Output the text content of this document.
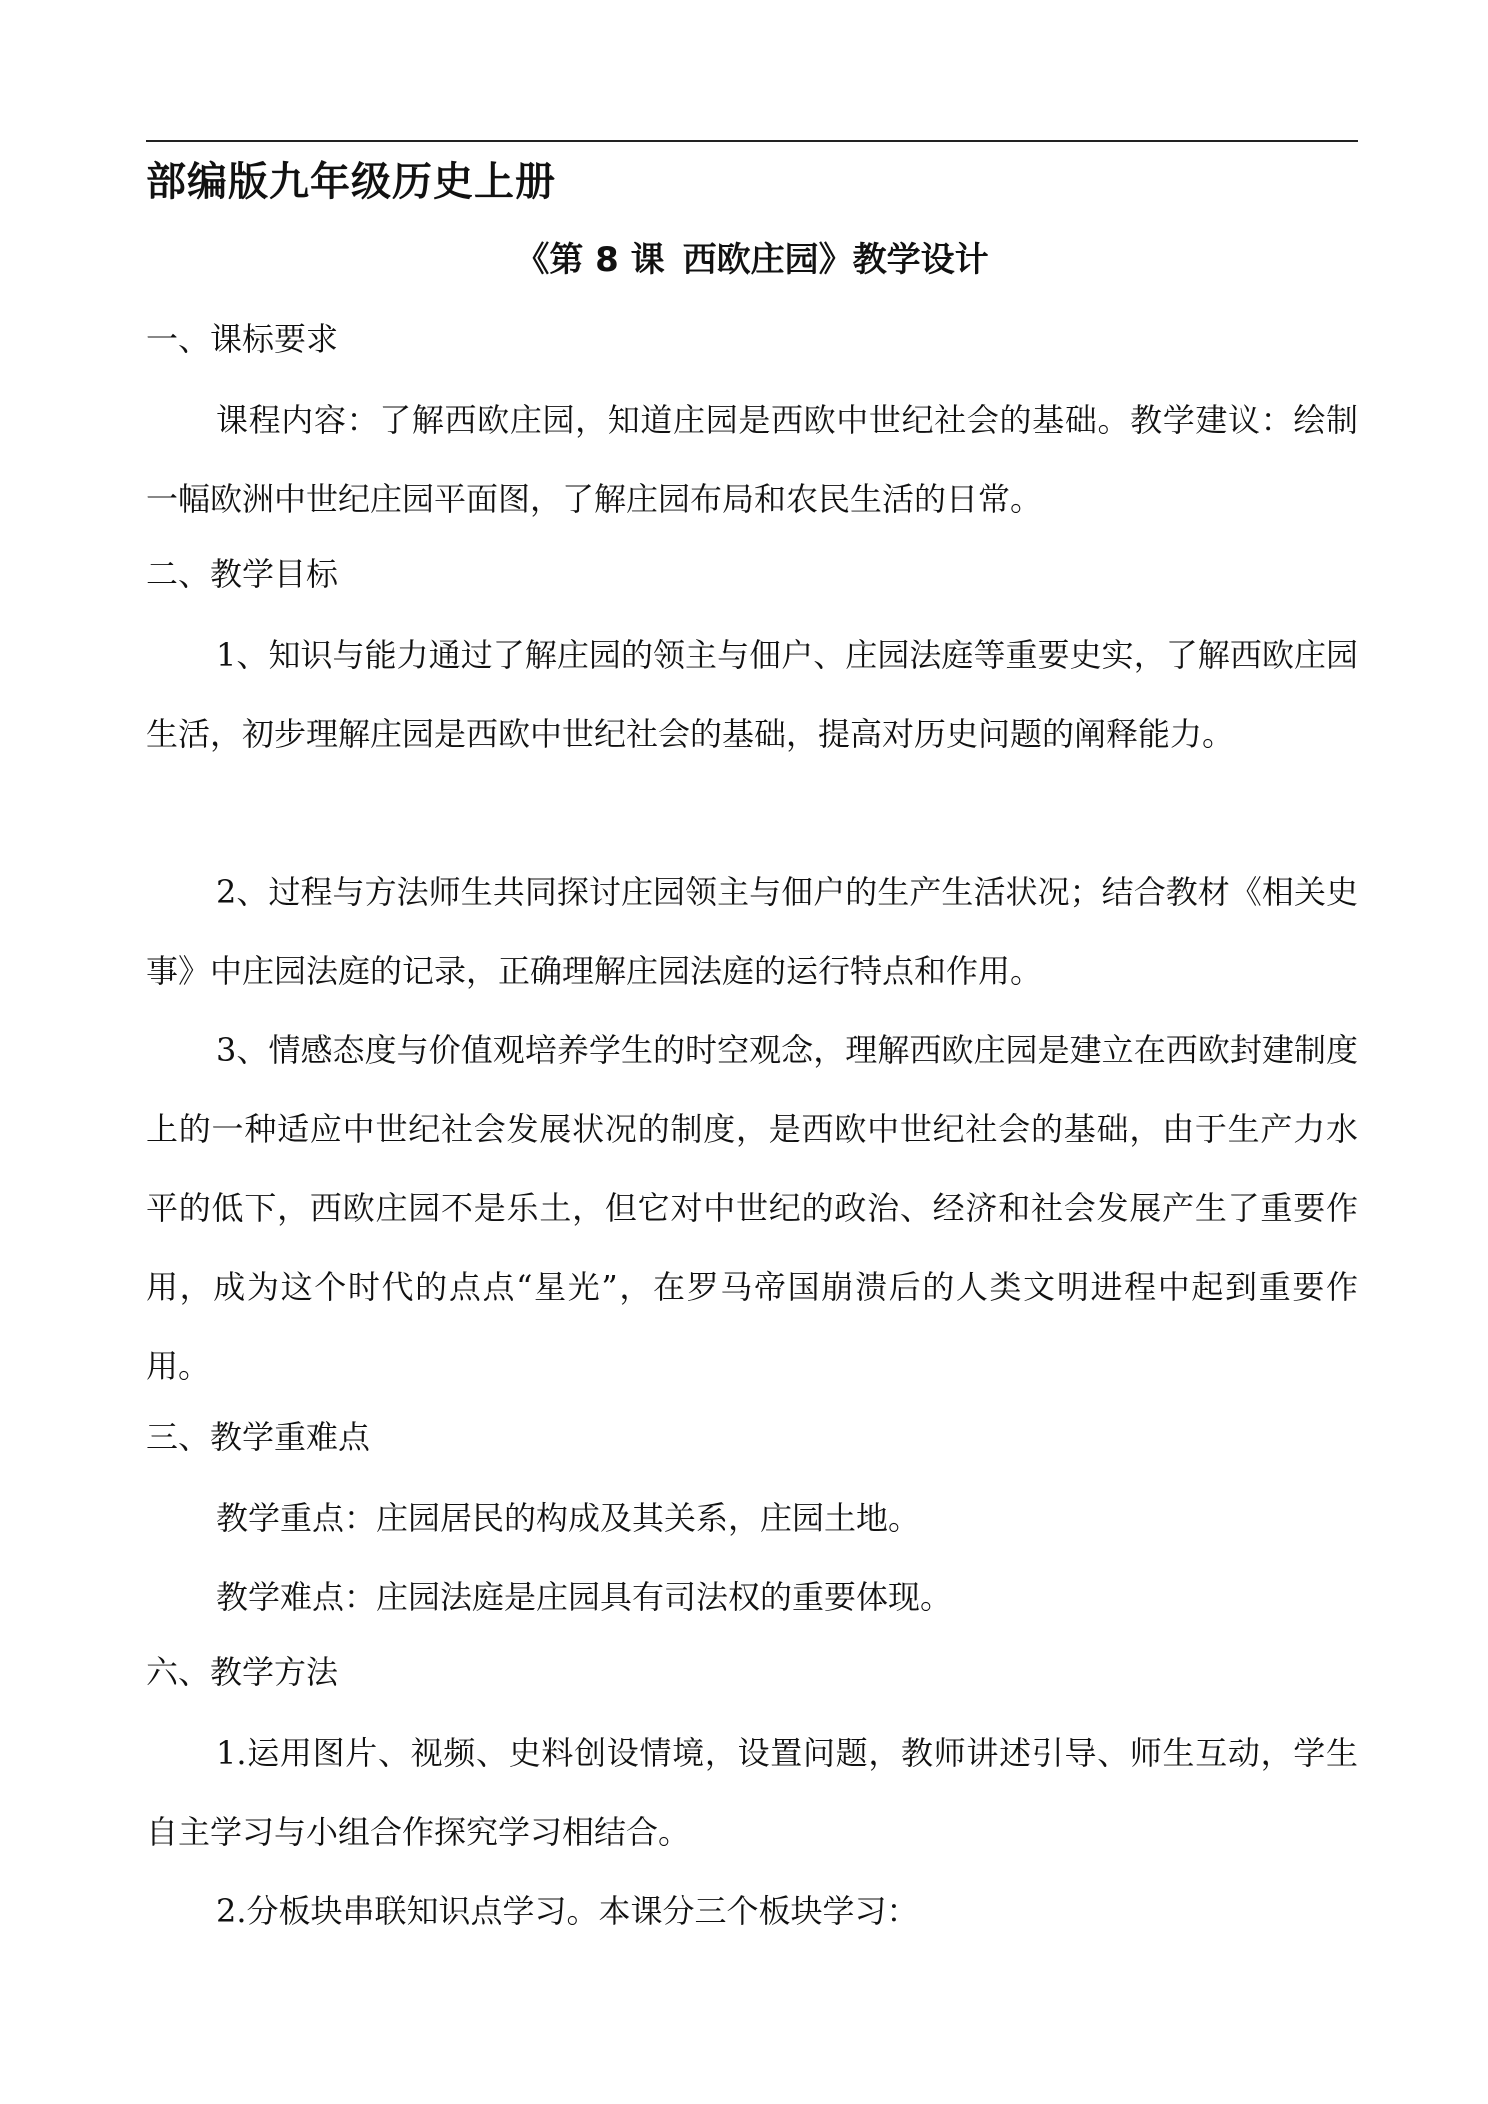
部编版九年级历史上册
《第 8 课 西欧庄园》教学设计
一、课标要求

课程内容：了解西欧庄园，知道庄园是西欧中世纪社会的基础。教学建议：绘制一幅欧洲中世纪庄园平面图，了解庄园布局和农民生活的日常。

二、教学目标

1、知识与能力通过了解庄园的领主与佃户、庄园法庭等重要史实，了解西欧庄园生活，初步理解庄园是西欧中世纪社会的基础，提高对历史问题的阐释能力。

2、过程与方法师生共同探讨庄园领主与佃户的生产生活状况；结合教材《相关史事》中庄园法庭的记录，正确理解庄园法庭的运行特点和作用。

3、情感态度与价值观培养学生的时空观念，理解西欧庄园是建立在西欧封建制度上的一种适应中世纪社会发展状况的制度，是西欧中世纪社会的基础，由于生产力水平的低下，西欧庄园不是乐土，但它对中世纪的政治、经济和社会发展产生了重要作用，成为这个时代的点点“星光”，在罗马帝国崩溃后的人类文明进程中起到重要作用。

三、教学重难点

教学重点：庄园居民的构成及其关系，庄园土地。

教学难点：庄园法庭是庄园具有司法权的重要体现。

六、教学方法

1.运用图片、视频、史料创设情境，设置问题，教师讲述引导、师生互动，学生自主学习与小组合作探究学习相结合。

2.分板块串联知识点学习。本课分三个板块学习：
